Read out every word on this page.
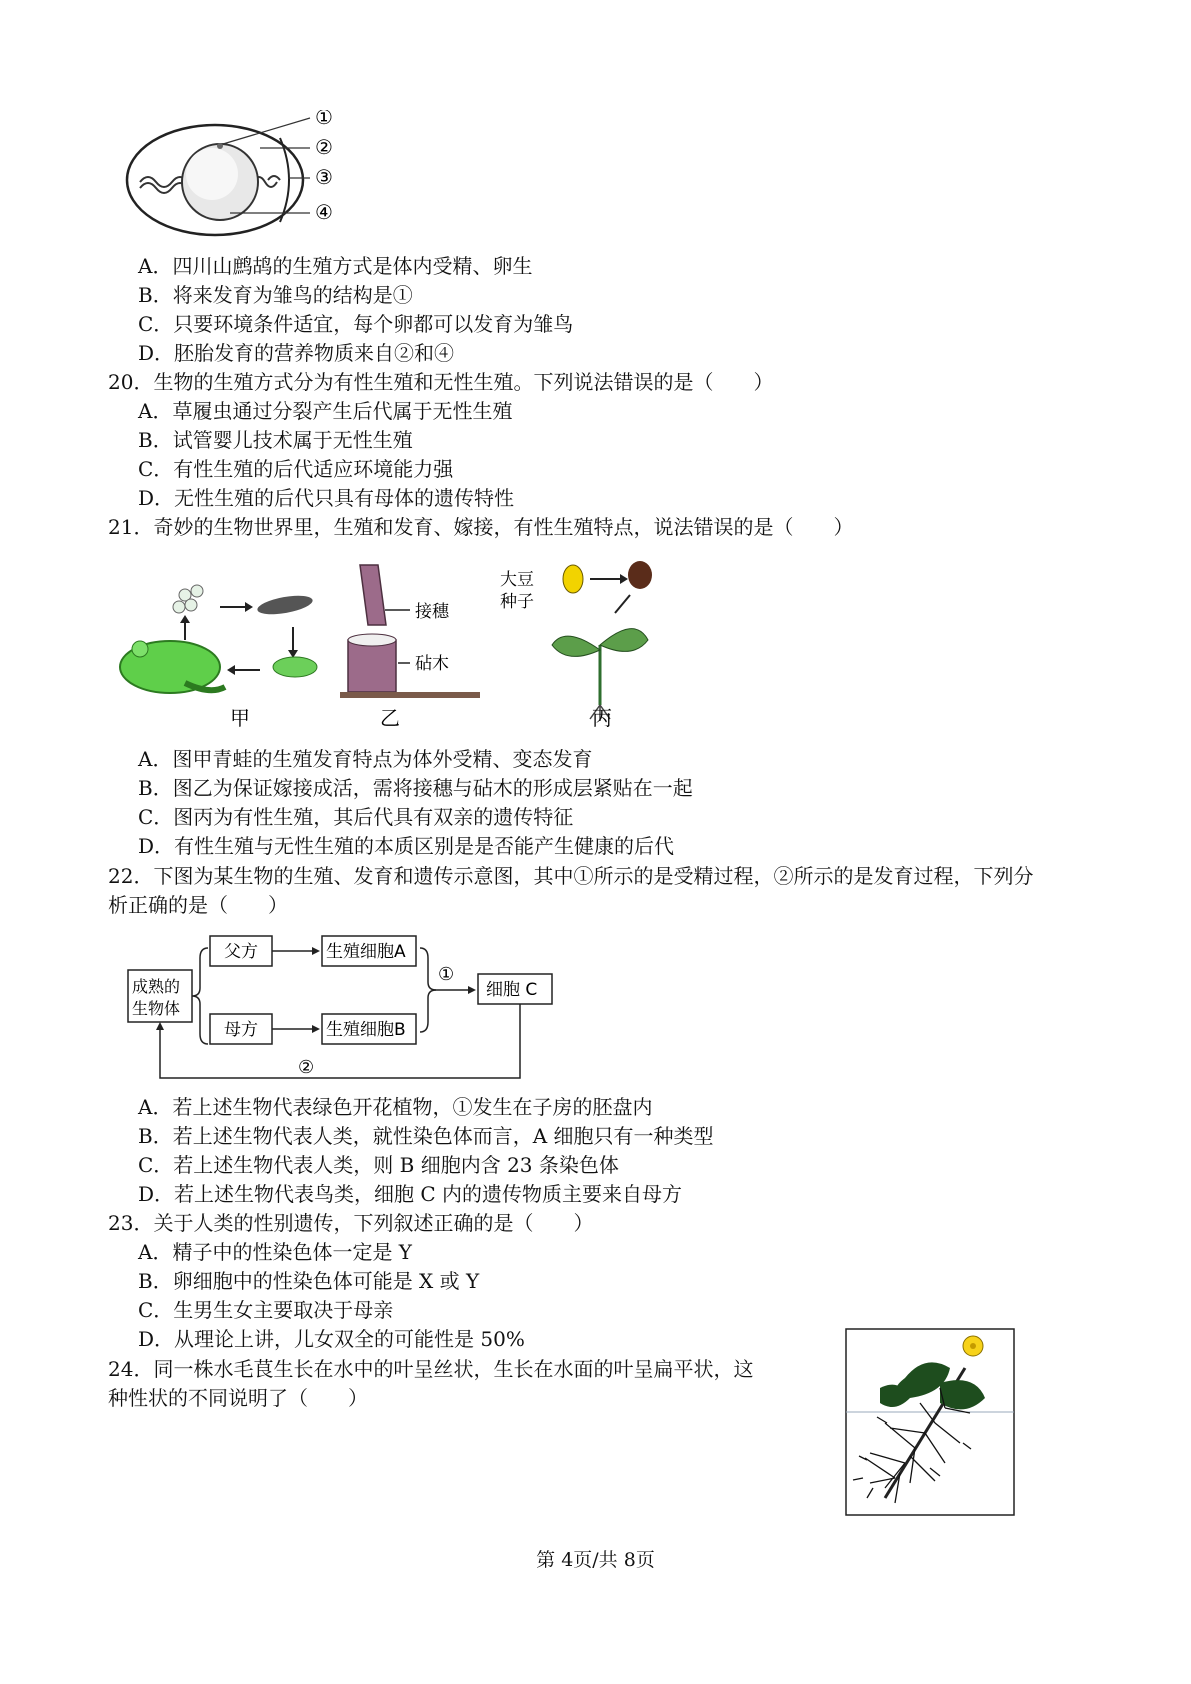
①
②
③
④
A．四川山鹧鸪的生殖方式是体内受精、卵生
B．将来发育为雏鸟的结构是①
C．只要环境条件适宜，每个卵都可以发育为雏鸟
D．胚胎发育的营养物质来自②和④
20．生物的生殖方式分为有性生殖和无性生殖。下列说法错误的是（　　）
A．草履虫通过分裂产生后代属于无性生殖
B．试管婴儿技术属于无性生殖
C．有性生殖的后代适应环境能力强
D．无性生殖的后代只具有母体的遗传特性
21．奇妙的生物世界里，生殖和发育、嫁接，有性生殖特点，说法错误的是（　　）
甲
接穗
砧木
乙
大豆
种子
丙
A．图甲青蛙的生殖发育特点为体外受精、变态发育
B．图乙为保证嫁接成活，需将接穗与砧木的形成层紧贴在一起
C．图丙为有性生殖，其后代具有双亲的遗传特征
D．有性生殖与无性生殖的本质区别是是否能产生健康的后代
22．下图为某生物的生殖、发育和遗传示意图，其中①所示的是受精过程，②所示的是发育过程，下列分
析正确的是（　　）
成熟的
生物体
父方
母方
生殖细胞A
生殖细胞B
①
细胞 C
②
A．若上述生物代表绿色开花植物，①发生在子房的胚盘内
B．若上述生物代表人类，就性染色体而言，A 细胞只有一种类型
C．若上述生物代表人类，则 B 细胞内含 23 条染色体
D．若上述生物代表鸟类，细胞 C 内的遗传物质主要来自母方
23．关于人类的性别遗传，下列叙述正确的是（　　）
A．精子中的性染色体一定是 Y
B．卵细胞中的性染色体可能是 X 或 Y
C．生男生女主要取决于母亲
D．从理论上讲，儿女双全的可能性是 50%
24．同一株水毛茛生长在水中的叶呈丝状，生长在水面的叶呈扁平状，这
种性状的不同说明了（　　）
第 4页/共 8页
